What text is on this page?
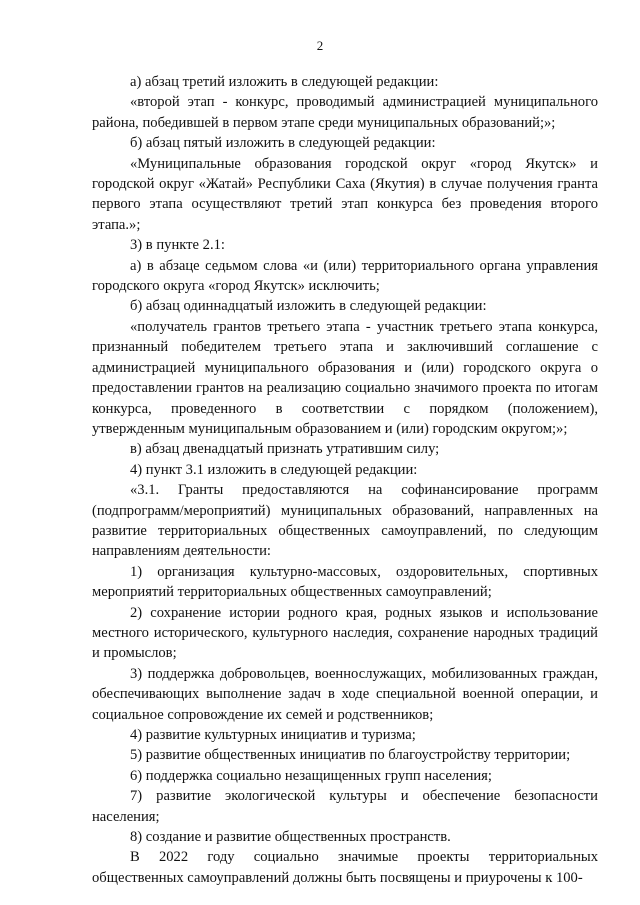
2

а) абзац третий изложить в следующей редакции:

«второй этап - конкурс, проводимый администрацией муниципального района, победившей в первом этапе среди муниципальных образований;»;

б) абзац пятый изложить в следующей редакции:

«Муниципальные образования городской округ «город Якутск» и городской округ «Жатай» Республики Саха (Якутия) в случае получения гранта первого этапа осуществляют третий этап конкурса без проведения второго этапа.»;

3) в пункте 2.1:

а) в абзаце седьмом слова «и (или) территориального органа управления городского округа «город Якутск» исключить;

б) абзац одиннадцатый изложить в следующей редакции:

«получатель грантов третьего этапа - участник третьего этапа конкурса, признанный победителем третьего этапа и заключивший соглашение с администрацией муниципального образования и (или) городского округа о предоставлении грантов на реализацию социально значимого проекта по итогам конкурса, проведенного в соответствии с порядком (положением), утвержденным муниципальным образованием и (или) городским округом;»;

в) абзац двенадцатый признать утратившим силу;

4) пункт 3.1 изложить в следующей редакции:

«3.1. Гранты предоставляются на софинансирование программ (подпрограмм/мероприятий) муниципальных образований, направленных на развитие территориальных общественных самоуправлений, по следующим направлениям деятельности:

1) организация культурно-массовых, оздоровительных, спортивных мероприятий территориальных общественных самоуправлений;

2) сохранение истории родного края, родных языков и использование местного исторического, культурного наследия, сохранение народных традиций и промыслов;

3) поддержка добровольцев, военнослужащих, мобилизованных граждан, обеспечивающих выполнение задач в ходе специальной военной операции, и социальное сопровождение их семей и родственников;

4) развитие культурных инициатив и туризма;

5) развитие общественных инициатив по благоустройству территории;

6) поддержка социально незащищенных групп населения;

7) развитие экологической культуры и обеспечение безопасности населения;

8) создание и развитие общественных пространств.

В 2022 году социально значимые проекты территориальных общественных самоуправлений должны быть посвящены и приурочены к 100-
